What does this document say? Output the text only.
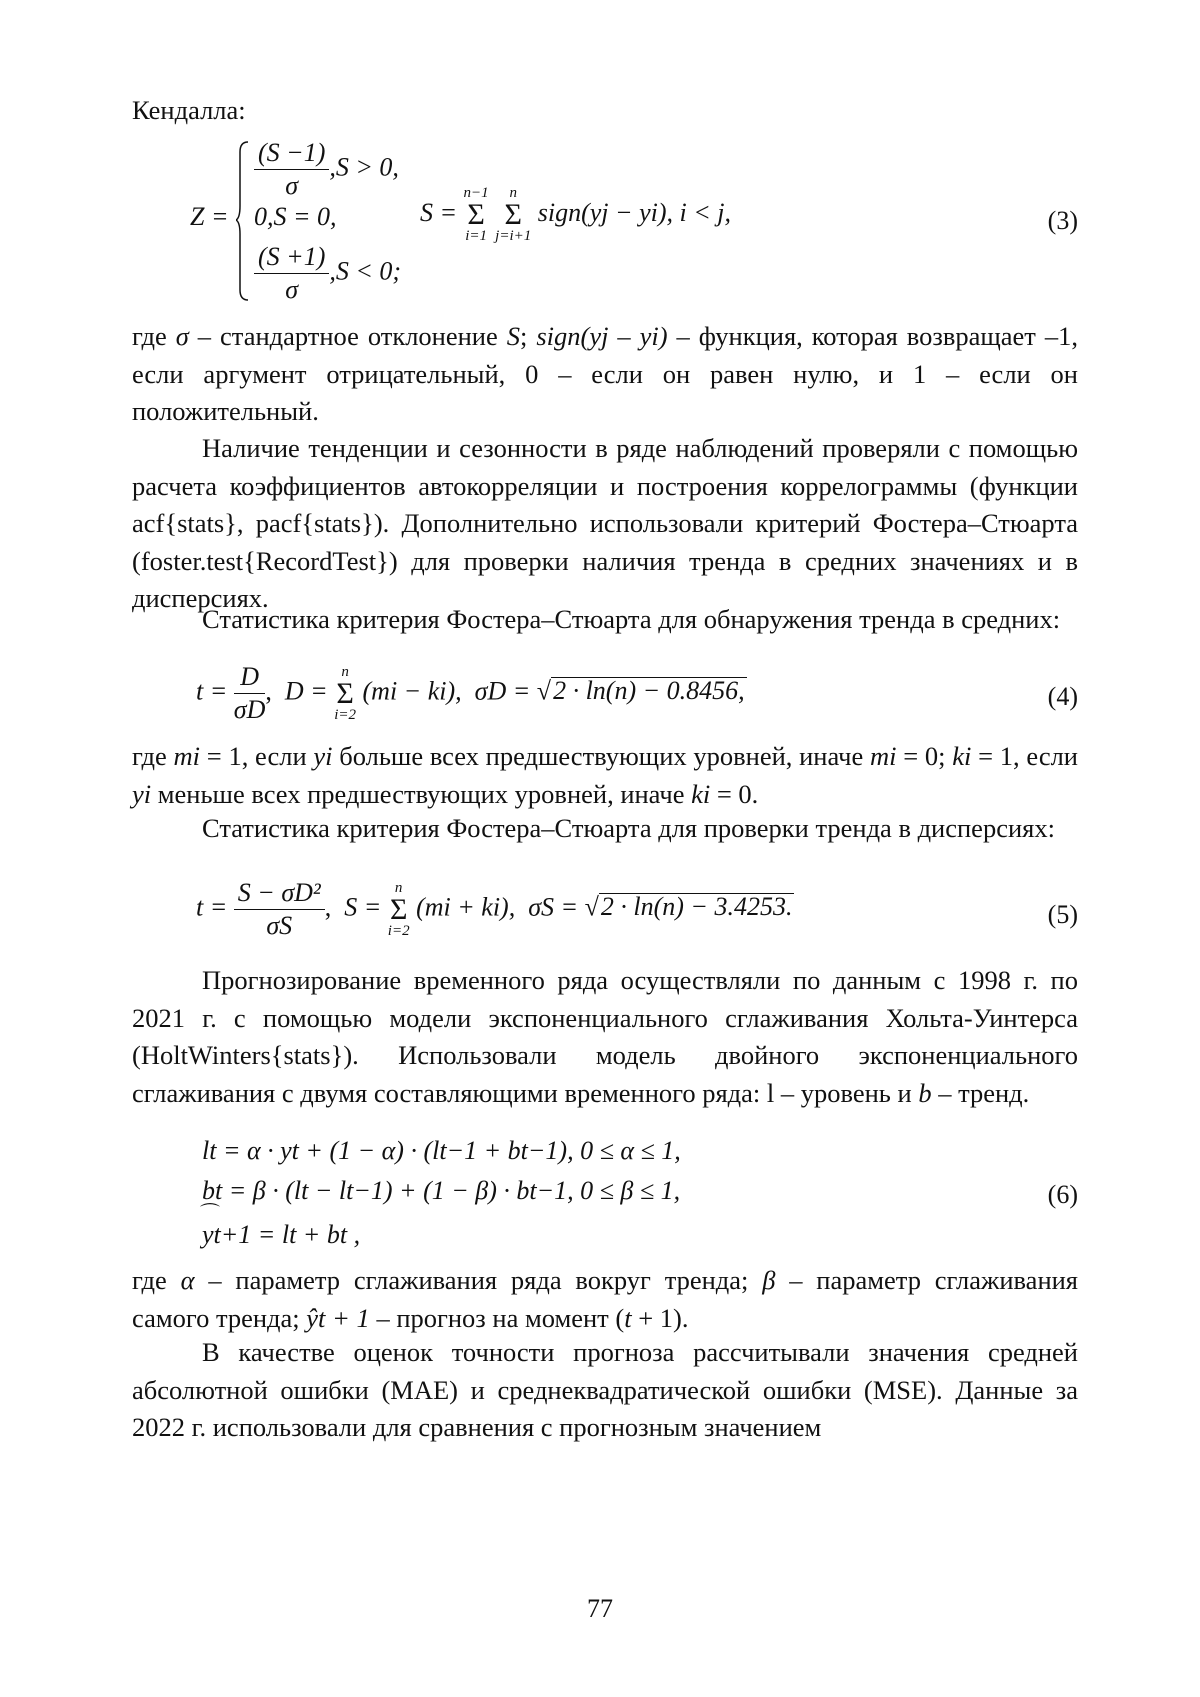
Кендалла:

Z =
(S −1)
σ
,S > 0,
0,S = 0,
(S +1)
σ
,S < 0;
S =
n−1
Σ
i=1

n
Σ
j=i+1
sign(yj − yi), i < j,	(3)

где σ – стандартное отклонение S; sign(yj – yi) – функция, которая возвращает –1, если аргумент отрицательный, 0 – если он равен нулю, и 1 – если он положительный.

Наличие тенденции и сезонности в ряде наблюдений проверяли с помощью расчета коэффициентов автокорреляции и построения коррелограммы (функции acf{stats}, pacf{stats}). Дополнительно использовали критерий Фостера–Стюарта (foster.test{RecordTest}) для проверки наличия тренда в средних значениях и в дисперсиях.

Статистика критерия Фостера–Стюарта для обнаружения тренда в средних:

t = D
σD
,  D =
n
Σ
i=2
(mi − ki), σD = √2 · ln(n) − 0.8456,	(4)

где mi = 1, если yi больше всех предшествующих уровней, иначе mi = 0; ki = 1, если yi меньше всех предшествующих уровней, иначе ki = 0.

Статистика критерия Фостера–Стюарта для проверки тренда в дисперсиях:

t = S − σD²
σS
,  S =
n
Σ
i=2
(mi + ki), σS = √2 · ln(n) − 3.4253.	(5)

Прогнозирование временного ряда осуществляли по данным с 1998 г. по 2021 г. с помощью модели экспоненциального сглаживания Хольта-Уинтерса (HoltWinters{stats}). Использовали модель двойного экспоненциального сглаживания с двумя составляющими временного ряда: l – уровень и b – тренд.

lt = α · yt + (1 − α) · (lt−1 + bt−1), 0 ≤ α ≤ 1,
bt = β · (lt − lt−1) + (1 − β) · bt−1, 0 ≤ β ≤ 1,
⌒ yt+1 = lt + bt ,
(6)

где α – параметр сглаживания ряда вокруг тренда; β – параметр сглаживания самого тренда; ŷt + 1 – прогноз на момент (t + 1).

В качестве оценок точности прогноза рассчитывали значения средней абсолютной ошибки (MAE) и среднеквадратической ошибки (MSE). Данные за 2022 г. использовали для сравнения с прогнозным значением

77
